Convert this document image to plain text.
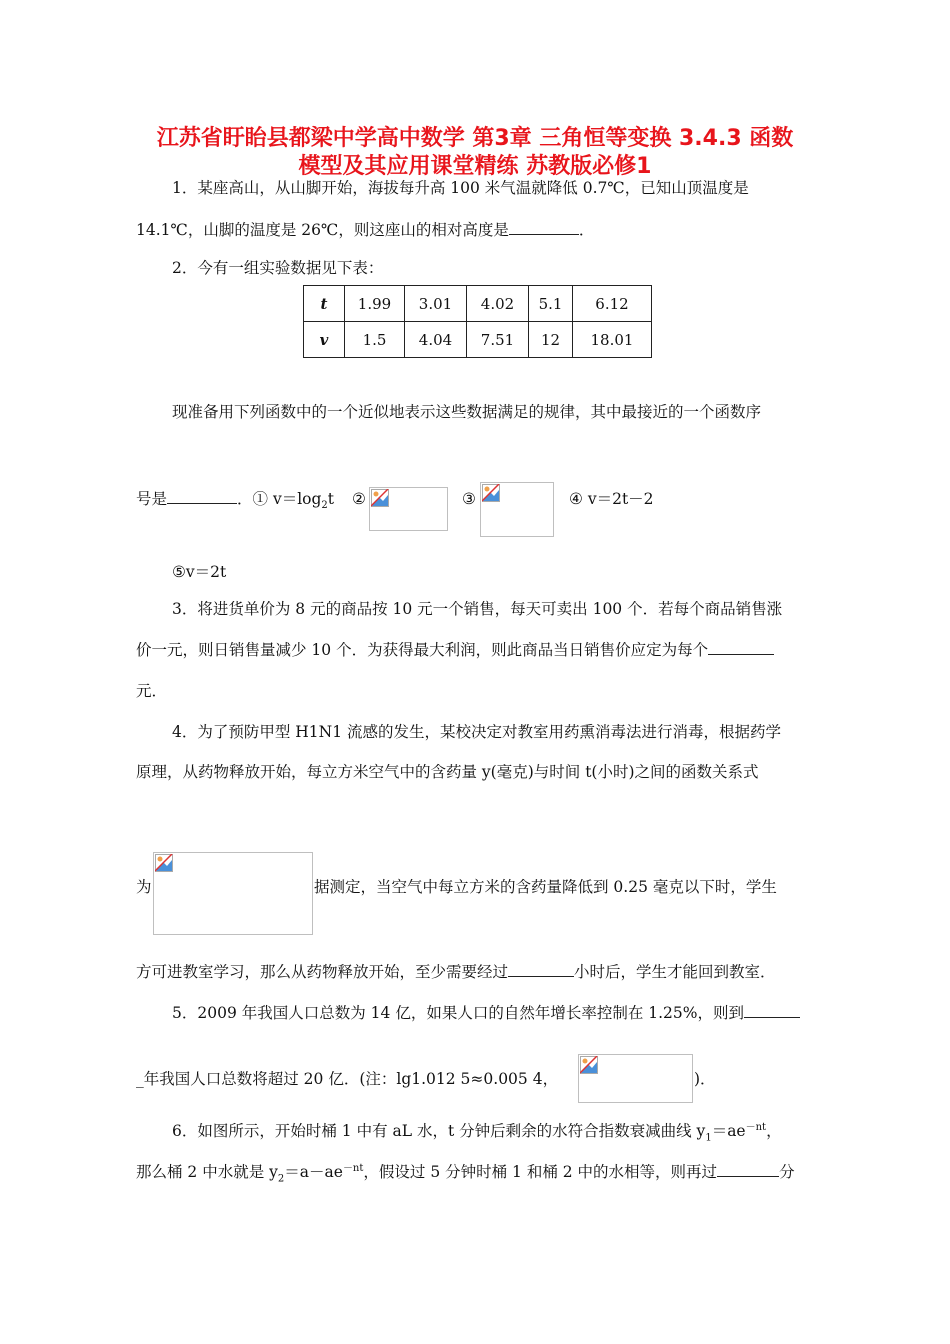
江苏省盱眙县都梁中学高中数学 第3章 三角恒等变换 3.4.3 函数
模型及其应用课堂精练 苏教版必修1
1．某座高山，从山脚开始，海拔每升高 100 米气温就降低 0.7℃，已知山顶温度是
14.1℃，山脚的温度是 26℃，则这座山的相对高度是	．
2．今有一组实验数据见下表：
t	1.99	3.01	4.02	5.1	6.12
v	1.5	4.04	7.51	12	18.01
现准备用下列函数中的一个近似地表示这些数据满足的规律，其中最接近的一个函数序
号是	．① $v=\log_2t$ ②	③	④ v＝2t－2
⑤v＝2t
3．将进货单价为 8 元的商品按 10 元一个销售，每天可卖出 100 个．若每个商品销售涨
价一元，则日销售量减少 10 个．为获得最大利润，则此商品当日销售价应定为每个
元．
4．为了预防甲型 H1N1 流感的发生，某校决定对教室用药熏消毒法进行消毒，根据药学
原理，从药物释放开始，每立方米空气中的含药量 y(毫克)与时间 t(小时)之间的函数关系式
为	据测定，当空气中每立方米的含药量降低到 0.25 毫克以下时，学生
方可进教室学习，那么从药物释放开始，至少需要经过	小时后，学生才能回到教室．
5．2009 年我国人口总数为 14 亿，如果人口的自然年增长率控制在 1.25%，则到
_年我国人口总数将超过 20 亿．(注：lg1.012 5≈0.005 4，	)．
6．如图所示，开始时桶 1 中有 aL 水，t 分钟后剩余的水符合指数衰减曲线 $y_1=ae^{-nt}$，
那么桶 2 中水就是 $y_2=a-ae^{-nt}$，假设过 5 分钟时桶 1 和桶 2 中的水相等，则再过	分
